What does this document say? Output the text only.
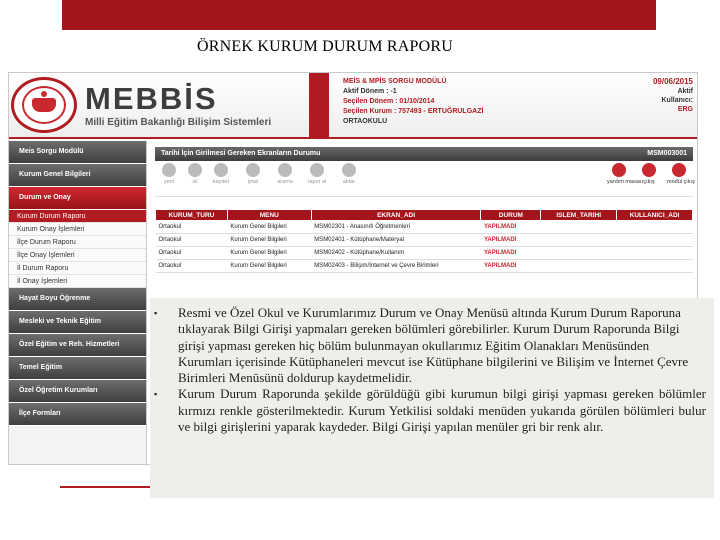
ÖRNEK KURUM DURUM RAPORU
MEBBİS
Milli Eğitim Bakanlığı Bilişim Sistemleri
MEİS & MPİS SORGU MODÜLÜ
Aktif Dönem : -1
Seçilen Dönem : 01/10/2014
Seçilen Kurum : 757493 - ERTUĞRULGAZİ
ORTAOKULU
09/06/2015
Aktif
Kullanıcı:
ERG
Meis Sorgu Modülü
Kurum Genel Bilgileri
Durum ve Onay
Kurum Durum Raporu
Kurum Onay İşlemleri
İlçe Durum Raporu
İlçe Onay İşlemleri
İl Durum Raporu
İl Onay İşlemleri
Hayat Boyu Öğrenme
Mesleki ve Teknik Eğitim
Özel Eğitim ve Reh. Hizmetleri
Temel Eğitim
Özel Öğretim Kurumları
İlçe Formları
Tarihi İçin Girilmesi Gereken Ekranların Durumu	MSM003001
yeni	sil	kaydet	iptal	arama	rapor al	aktar	yardım masası çıkış	modül çıkış
KURUM_TURU	MENU	EKRAN_ADI	DURUM	ISLEM_TARIHI	KULLANICI_ADI
Ortaokul	Kurum Genel Bilgileri	MSM02301 - Anasınıfı Öğretmenleri	YAPILMADI		
Ortaokul	Kurum Genel Bilgileri	MSM02401 - Kütüphane/Materyal	YAPILMADI		
Ortaokul	Kurum Genel Bilgileri	MSM02402 - Kütüphane/Kullanım	YAPILMADI		
Ortaokul	Kurum Genel Bilgileri	MSM02403 - Bilişim/İnternet ve Çevre Birimleri	YAPILMADI		
▪ Resmi ve Özel Okul ve Kurumlarımız Durum ve Onay Menüsü altında Kurum Durum Raporuna tıklayarak Bilgi Girişi yapmaları gereken bölümleri görebilirler. Kurum Durum Raporunda Bilgi girişi yapması gereken hiç bölüm bulunmayan okullarımız Eğitim Olanakları Menüsünden Kurumları içerisinde Kütüphaneleri mevcut ise Kütüphane bilgilerini ve Bilişim ve İnternet Çevre Birimleri Menüsünü doldurup kaydetmelidir.
▪ Kurum Durum Raporunda şekilde görüldüğü gibi kurumun bilgi girişi yapması gereken bölümler kırmızı renkle gösterilmektedir. Kurum Yetkilisi soldaki menüden yukarıda görülen bölümleri bulur ve bilgi girişlerini yaparak kaydeder. Bilgi Girişi yapılan menüler gri bir renk alır.
